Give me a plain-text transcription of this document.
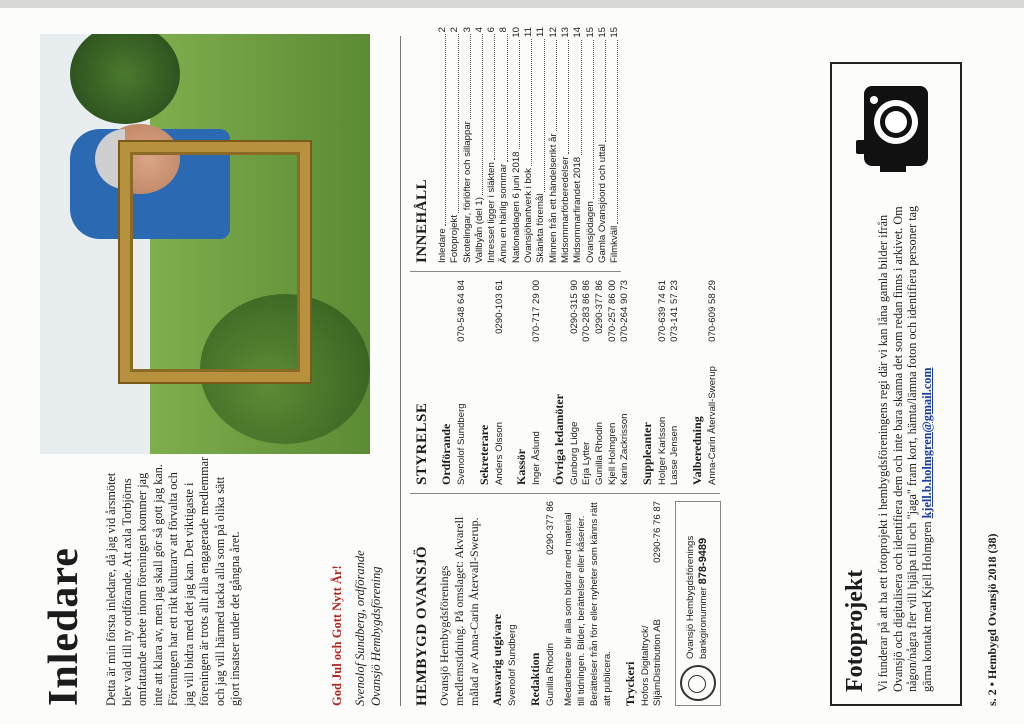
Inledare Detta är min första inledare, då jag vid årsmötet blev vald till ny ordförande. Att axla Torbjörns omfattande arbete inom föreningen kommer jag inte att klara av, men jag skall gör så gott jag kan. Föreningen har ett rikt kulturarv att förvalta och jag vill bidra med det jag kan. Det viktigaste i föreningen är trots allt alla engagerade medlemmar och jag vill härmed tacka alla som på olika sätt gjort insatser under det gångna året.	God Jul och Gott Nytt År! Svenolof Sundberg, ordförande Ovansjö Hembygdsförening HEMBYGD OVANSJÖ Ovansjö Hembygdsförenings medlemstidning. På omslaget: Akvarell målad av Anna-Carin Återvall-Swerup. Ansvarig utgivare Svenolof Sundberg Redaktion Gunilla Rhodin
0290-377 86 Medarbetare blir alla som bidrar med material till tidningen. Bilder, berättelser eller kåserier. Berättelser från förr eller nyheter som känns rätt att publicera. Tryckeri Hofors Digitaltryck/ SljämDistribution AB
0290-76 76 87
Ovansjö Hembygdsförenings bankgironummer 878-9489
STYRELSE Ordförande Svenolof Sundberg
070-548 64 84
Sekreterare Anders Olsson
0290-103 61
Kassör Inger Åslund
070-717 29 00
Övriga ledamöter Gunborg Lidge
0290-315 90
Erja Lytter
070-283 86 86
Gunilla Rhodin
0290-377 86
Kjell Holmgren
070-257 86 00
Karin Zackrisson
070-264 90 73
Suppleanter Holger Karlsson
070-639 74 61
Lasse Jensen
073-141 57 23
Valberedning Anna-Carin Återvall-Swerup
070-609 58 29
INNEHÅLL Inledare
2
Fotoprojekt
2
Skotelingar, förlöfter och sillappar
3
Vallbyån (del 1)
4
Intresset ligger i släkten
6
Ännu en härlig sommar
8
Nationaldagen 6 juni 2018
10
Ovansjöhantverk i bok
11
Skänkta föremål
11
Minnen från ett händelserikt år
12
Midsommarförberedelser
13
Midsommarfirandet 2018
14
Ovansjödagen
15
Gamla Ovansjöord och uttal
15
Filmkväll
15
Fotoprojekt Vi funderar på att ha ett fotoprojekt i hembygdsföreningens regi där vi kan låna gamla bilder ifrån Ovansjö och digitalisera och identifiera dem och inte bara skanna det som redan finns i arkivet. Om någon/några fler vill hjälpa till och "jaga" fram kort, hämta/lämna foton och identifiera personer tag gärna kontakt med Kjell Holmgren kjell.b.holmgren@gmail.com

s. 2 • Hembygd Ovansjö 2018 (38)
